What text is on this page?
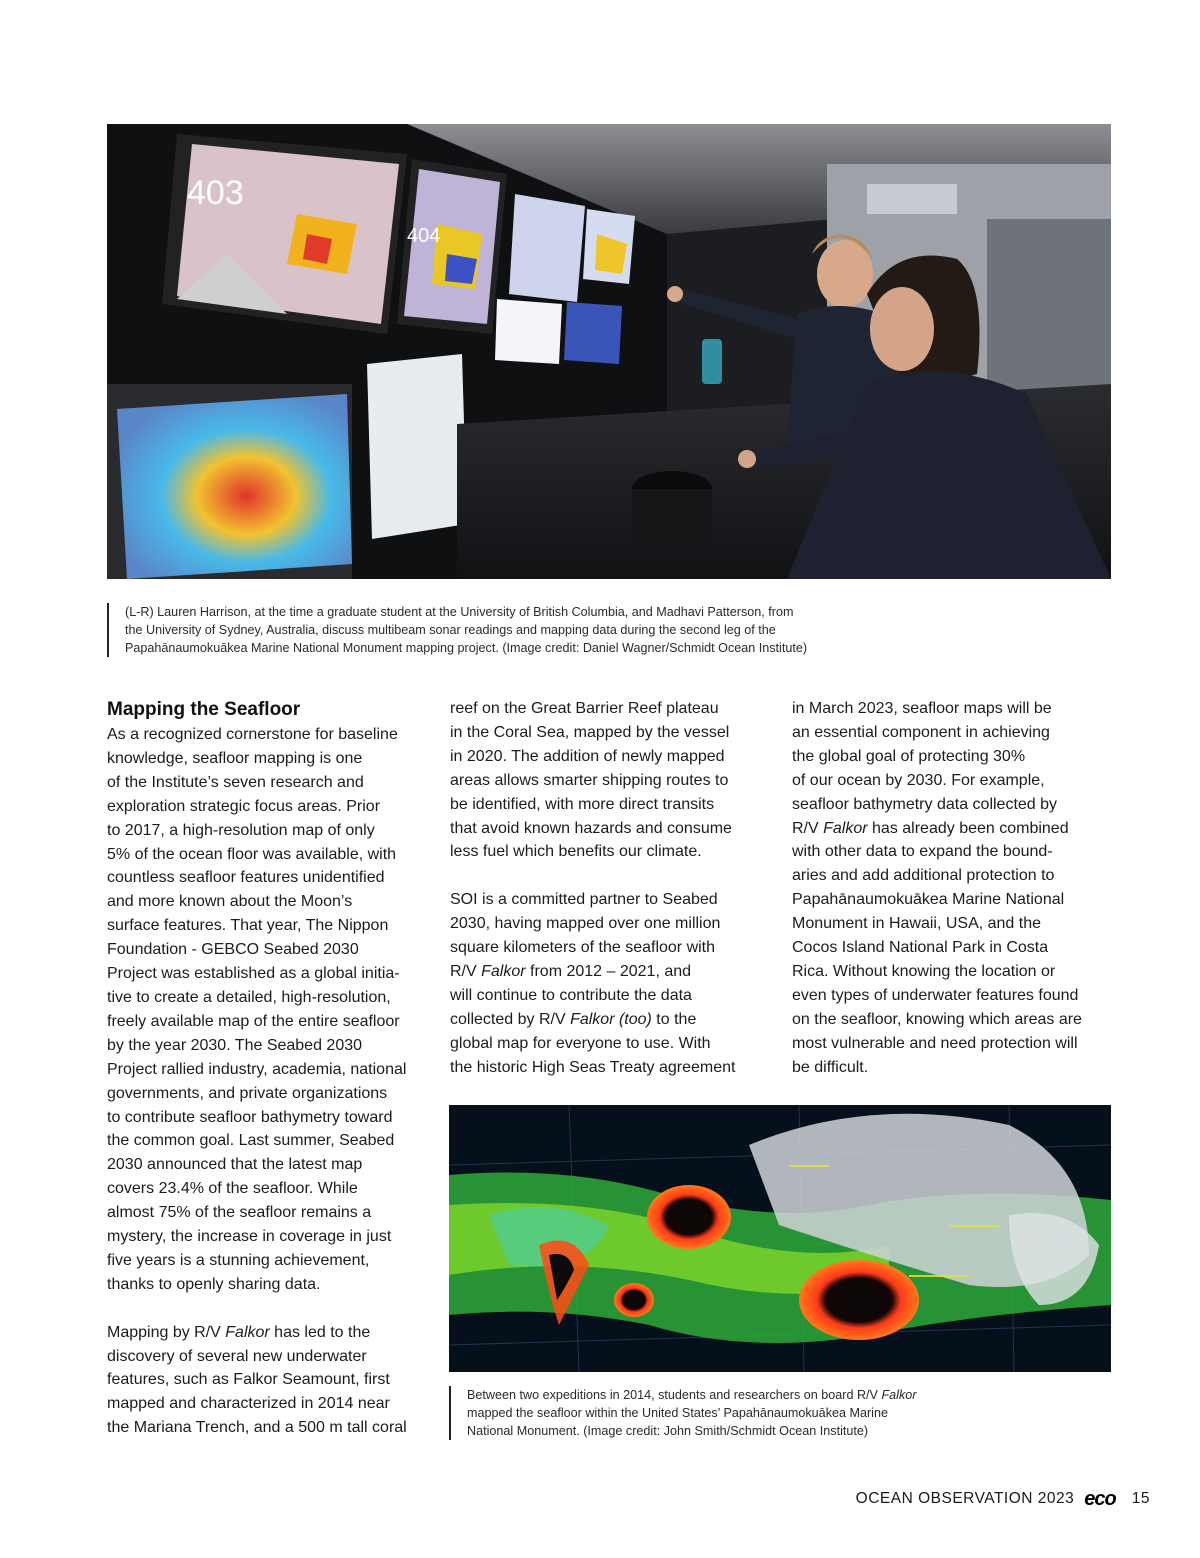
403
404

(L-R) Lauren Harrison, at the time a graduate student at the University of British Columbia, and Madhavi Patterson, from
the University of Sydney, Australia, discuss multibeam sonar readings and mapping data during the second leg of the
Papahānaumokuākea Marine National Monument mapping project. (Image credit: Daniel Wagner/Schmidt Ocean Institute)

Mapping the Seafloor

As a recognized cornerstone for baseline
knowledge, seafloor mapping is one
of the Institute’s seven research and
exploration strategic focus areas. Prior
to 2017, a high-resolution map of only
5% of the ocean floor was available, with
countless seafloor features unidentified
and more known about the Moon’s
surface features. That year, The Nippon
Foundation - GEBCO Seabed 2030
Project was established as a global initia-
tive to create a detailed, high-resolution,
freely available map of the entire seafloor
by the year 2030. The Seabed 2030
Project rallied industry, academia, national
governments, and private organizations
to contribute seafloor bathymetry toward
the common goal. Last summer, Seabed
2030 announced that the latest map
covers 23.4% of the seafloor. While
almost 75% of the seafloor remains a
mystery, the increase in coverage in just
five years is a stunning achievement,
thanks to openly sharing data.

Mapping by R/V Falkor has led to the
discovery of several new underwater
features, such as Falkor Seamount, first
mapped and characterized in 2014 near
the Mariana Trench, and a 500 m tall coral

reef on the Great Barrier Reef plateau
in the Coral Sea, mapped by the vessel
in 2020. The addition of newly mapped
areas allows smarter shipping routes to
be identified, with more direct transits
that avoid known hazards and consume
less fuel which benefits our climate.

SOI is a committed partner to Seabed
2030, having mapped over one million
square kilometers of the seafloor with
R/V Falkor from 2012 – 2021, and
will continue to contribute the data
collected by R/V Falkor (too) to the
global map for everyone to use. With
the historic High Seas Treaty agreement

in March 2023, seafloor maps will be
an essential component in achieving
the global goal of protecting 30%
of our ocean by 2030. For example,
seafloor bathymetry data collected by
R/V Falkor has already been combined
with other data to expand the bound-
aries and add additional protection to
Papahānaumokuākea Marine National
Monument in Hawaii, USA, and the
Cocos Island National Park in Costa
Rica. Without knowing the location or
even types of underwater features found
on the seafloor, knowing which areas are
most vulnerable and need protection will
be difficult.

Between two expeditions in 2014, students and researchers on board R/V Falkor
mapped the seafloor within the United States’ Papahānaumokuākea Marine
National Monument. (Image credit: John Smith/Schmidt Ocean Institute)

OCEAN OBSERVATION 2023 eco 15
